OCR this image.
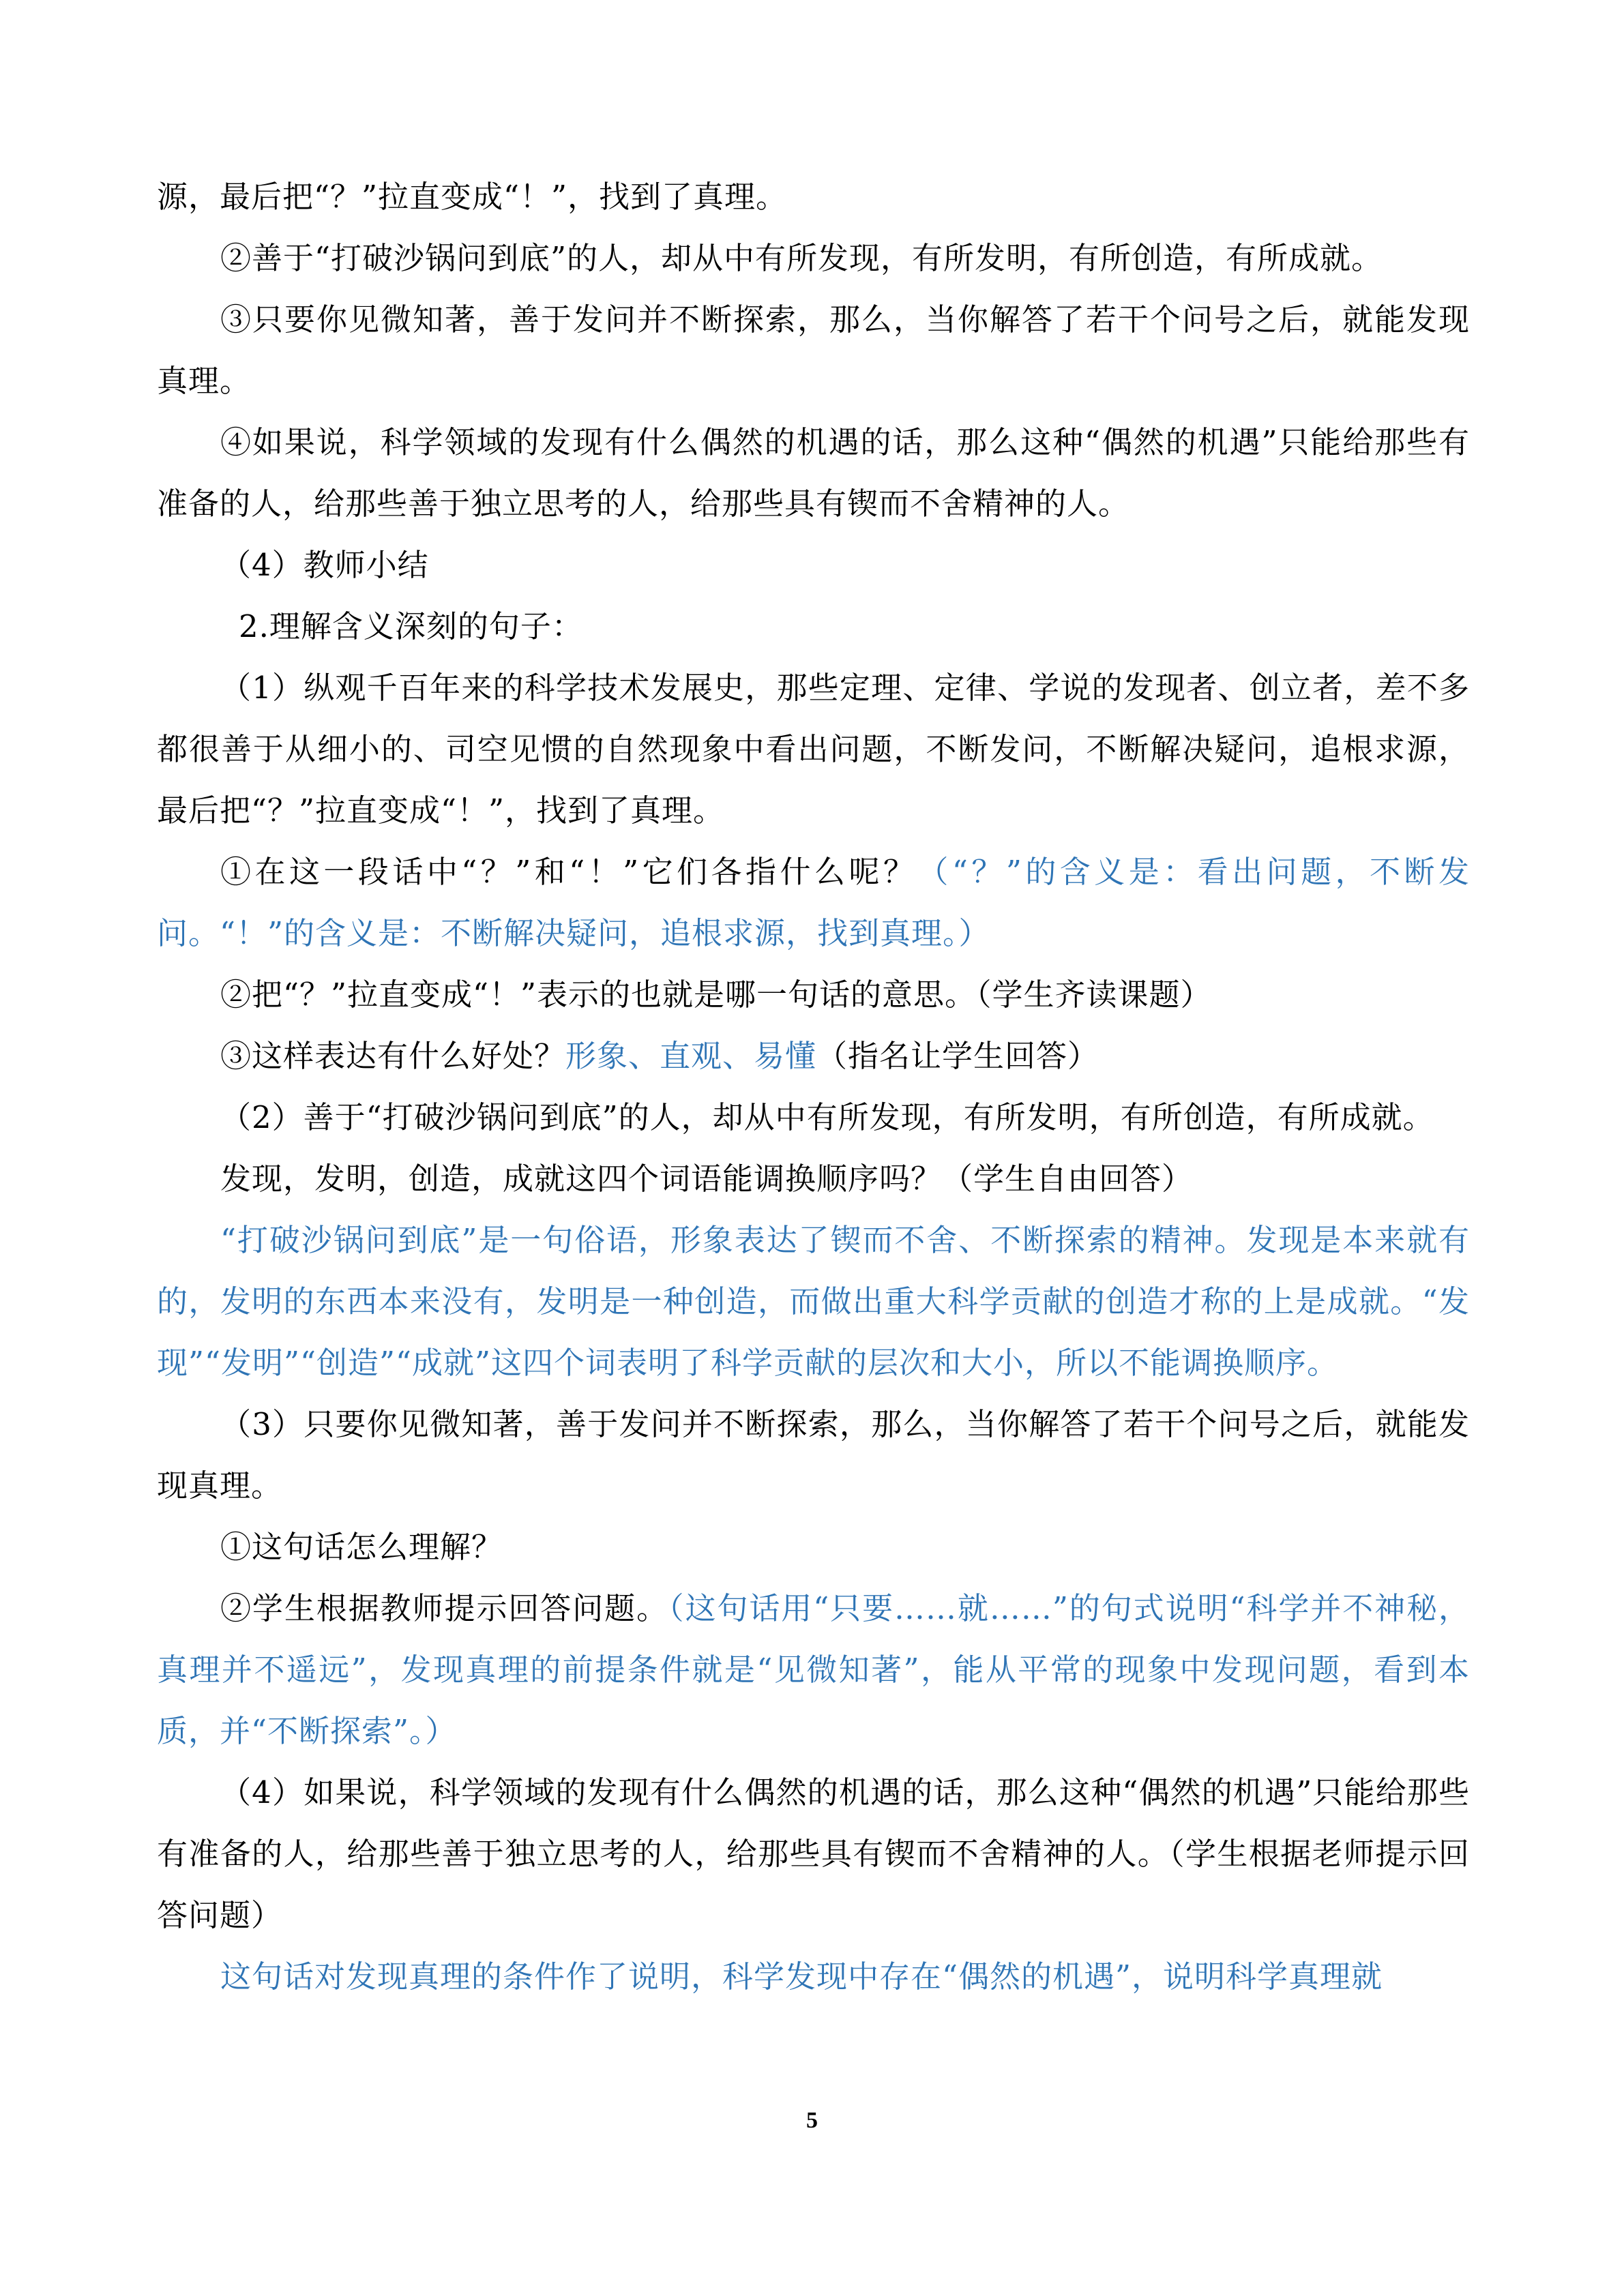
源，最后把“？”拉直变成“！”，找到了真理。

②善于“打破沙锅问到底”的人，却从中有所发现，有所发明，有所创造，有所成就。

③只要你见微知著，善于发问并不断探索，那么，当你解答了若干个问号之后，就能发现真理。

④如果说，科学领域的发现有什么偶然的机遇的话，那么这种“偶然的机遇”只能给那些有准备的人，给那些善于独立思考的人，给那些具有锲而不舍精神的人。

（4）教师小结

2.理解含义深刻的句子：

（1）纵观千百年来的科学技术发展史，那些定理、定律、学说的发现者、创立者，差不多都很善于从细小的、司空见惯的自然现象中看出问题，不断发问，不断解决疑问，追根求源，最后把“？”拉直变成“！”，找到了真理。

①在这一段话中“？”和“！”它们各指什么呢？（“？”的含义是：看出问题，不断发问。“！”的含义是：不断解决疑问，追根求源，找到真理。）

②把“？”拉直变成“！”表示的也就是哪一句话的意思。（学生齐读课题）

③这样表达有什么好处？形象、直观、易懂（指名让学生回答）

（2）善于“打破沙锅问到底”的人，却从中有所发现，有所发明，有所创造，有所成就。

发现，发明，创造，成就这四个词语能调换顺序吗？（学生自由回答）

“打破沙锅问到底”是一句俗语，形象表达了锲而不舍、不断探索的精神。发现是本来就有的，发明的东西本来没有，发明是一种创造，而做出重大科学贡献的创造才称的上是成就。“发现”“发明”“创造”“成就”这四个词表明了科学贡献的层次和大小，所以不能调换顺序。

（3）只要你见微知著，善于发问并不断探索，那么，当你解答了若干个问号之后，就能发现真理。

①这句话怎么理解？

②学生根据教师提示回答问题。（这句话用“只要……就……”的句式说明“科学并不神秘，真理并不遥远”，发现真理的前提条件就是“见微知著”，能从平常的现象中发现问题，看到本质，并“不断探索”。）

（4）如果说，科学领域的发现有什么偶然的机遇的话，那么这种“偶然的机遇”只能给那些有准备的人，给那些善于独立思考的人，给那些具有锲而不舍精神的人。（学生根据老师提示回答问题）

这句话对发现真理的条件作了说明，科学发现中存在“偶然的机遇”，说明科学真理就

5
